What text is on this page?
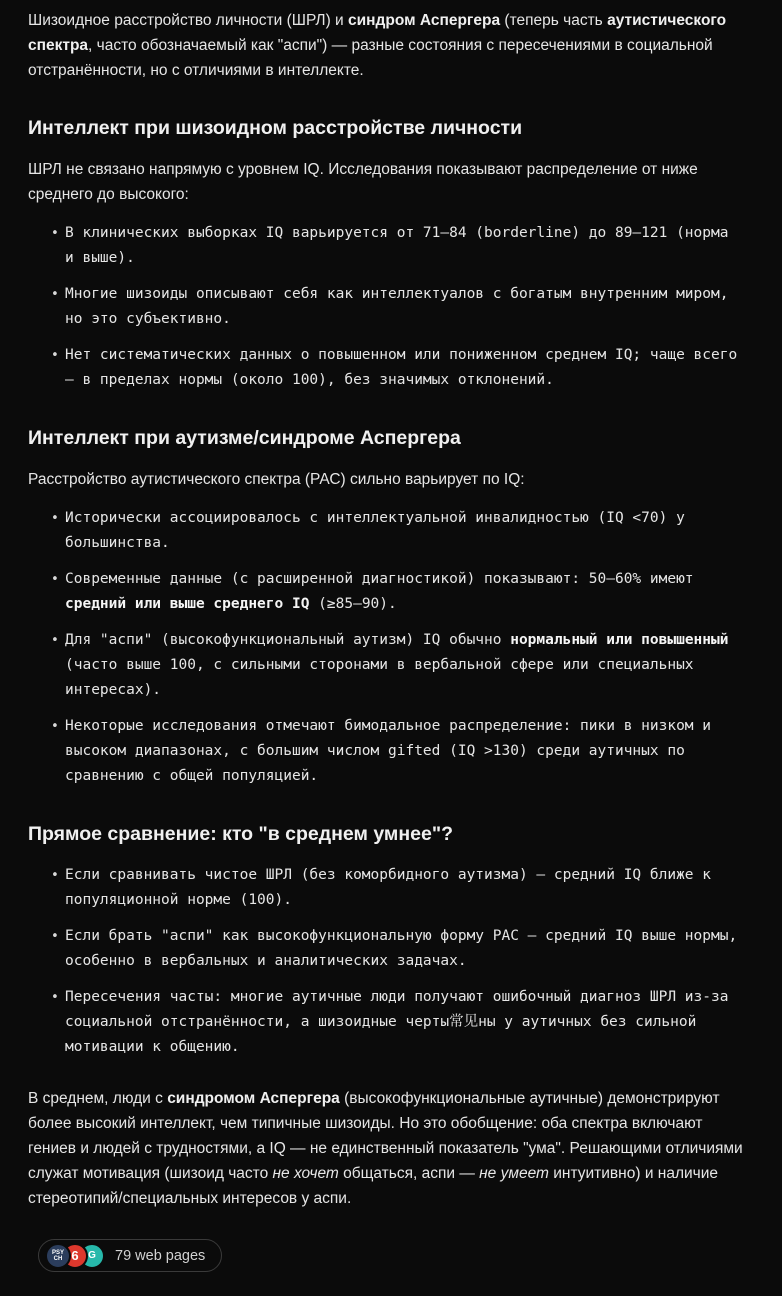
Шизоидное расстройство личности (ШРЛ) и синдром Аспергера (теперь часть аутистического спектра, часто обозначаемый как "аспи") — разные состояния с пересечениями в социальной отстранённости, но с отличиями в интеллекте.

Интеллект при шизоидном расстройстве личности

ШРЛ не связано напрямую с уровнем IQ. Исследования показывают распределение от ниже среднего до высокого:

• В клинических выборках IQ варьируется от 71–84 (borderline) до 89–121 (норма и выше).
• Многие шизоиды описывают себя как интеллектуалов с богатым внутренним миром, но это субъективно.
• Нет систематических данных о повышенном или пониженном среднем IQ; чаще всего — в пределах нормы (около 100), без значимых отклонений.
Интеллект при аутизме/синдроме Аспергера

Расстройство аутистического спектра (РАС) сильно варьирует по IQ:

• Исторически ассоциировалось с интеллектуальной инвалидностью (IQ <70) у большинства.
• Современные данные (с расширенной диагностикой) показывают: 50–60% имеют средний или выше среднего IQ (≥85–90).
• Для "аспи" (высокофункциональный аутизм) IQ обычно нормальный или повышенный (часто выше 100, с сильными сторонами в вербальной сфере или специальных интересах).
• Некоторые исследования отмечают бимодальное распределение: пики в низком и высоком диапазонах, с большим числом gifted (IQ >130) среди аутичных по сравнению с общей популяцией.
Прямое сравнение: кто "в среднем умнее"?
• Если сравнивать чистое ШРЛ (без коморбидного аутизма) — средний IQ ближе к популяционной норме (100).
• Если брать "аспи" как высокофункциональную форму РАС — средний IQ выше нормы, особенно в вербальных и аналитических задачах.
• Пересечения часты: многие аутичные люди получают ошибочный диагноз ШРЛ из-за социальной отстранённости, а шизоидные черты常见ны у аутичных без сильной мотивации к общению.

В среднем, люди с синдромом Аспергера (высокофункциональные аутичные) демонстрируют более высокий интеллект, чем типичные шизоиды. Но это обобщение: оба спектра включают гениев и людей с трудностями, а IQ — не единственный показатель "ума". Решающими отличиями служат мотивация (шизоид часто не хочет общаться, аспи — не умеет интуитивно) и наличие стереотипий/специальных интересов у аспи.

PSY
CH 6 G 79 web pages
